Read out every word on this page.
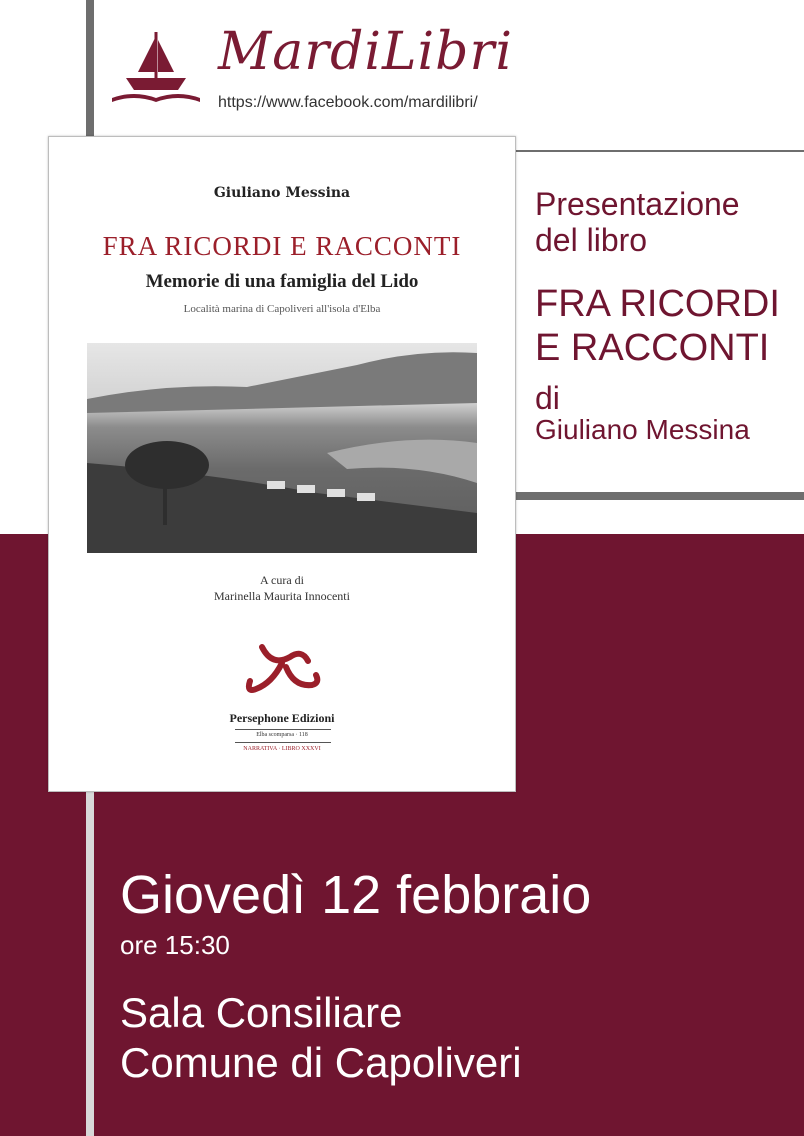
MardiLibri
https://www.facebook.com/mardilibri/
Presentazione
del libro
FRA RICORDI
E RACCONTI
di
Giuliano Messina
Giuliano Messina
FRA RICORDI E RACCONTI
Memorie di una famiglia del Lido
Località marina di Capoliveri all'isola d'Elba
A cura di
Marinella Maurita Innocenti
Persephone Edizioni
Elba scomparsa · 118
NARRATIVA · LIBRO XXXVI
Giovedì 12 febbraio
ore 15:30
Sala Consiliare
Comune di Capoliveri
